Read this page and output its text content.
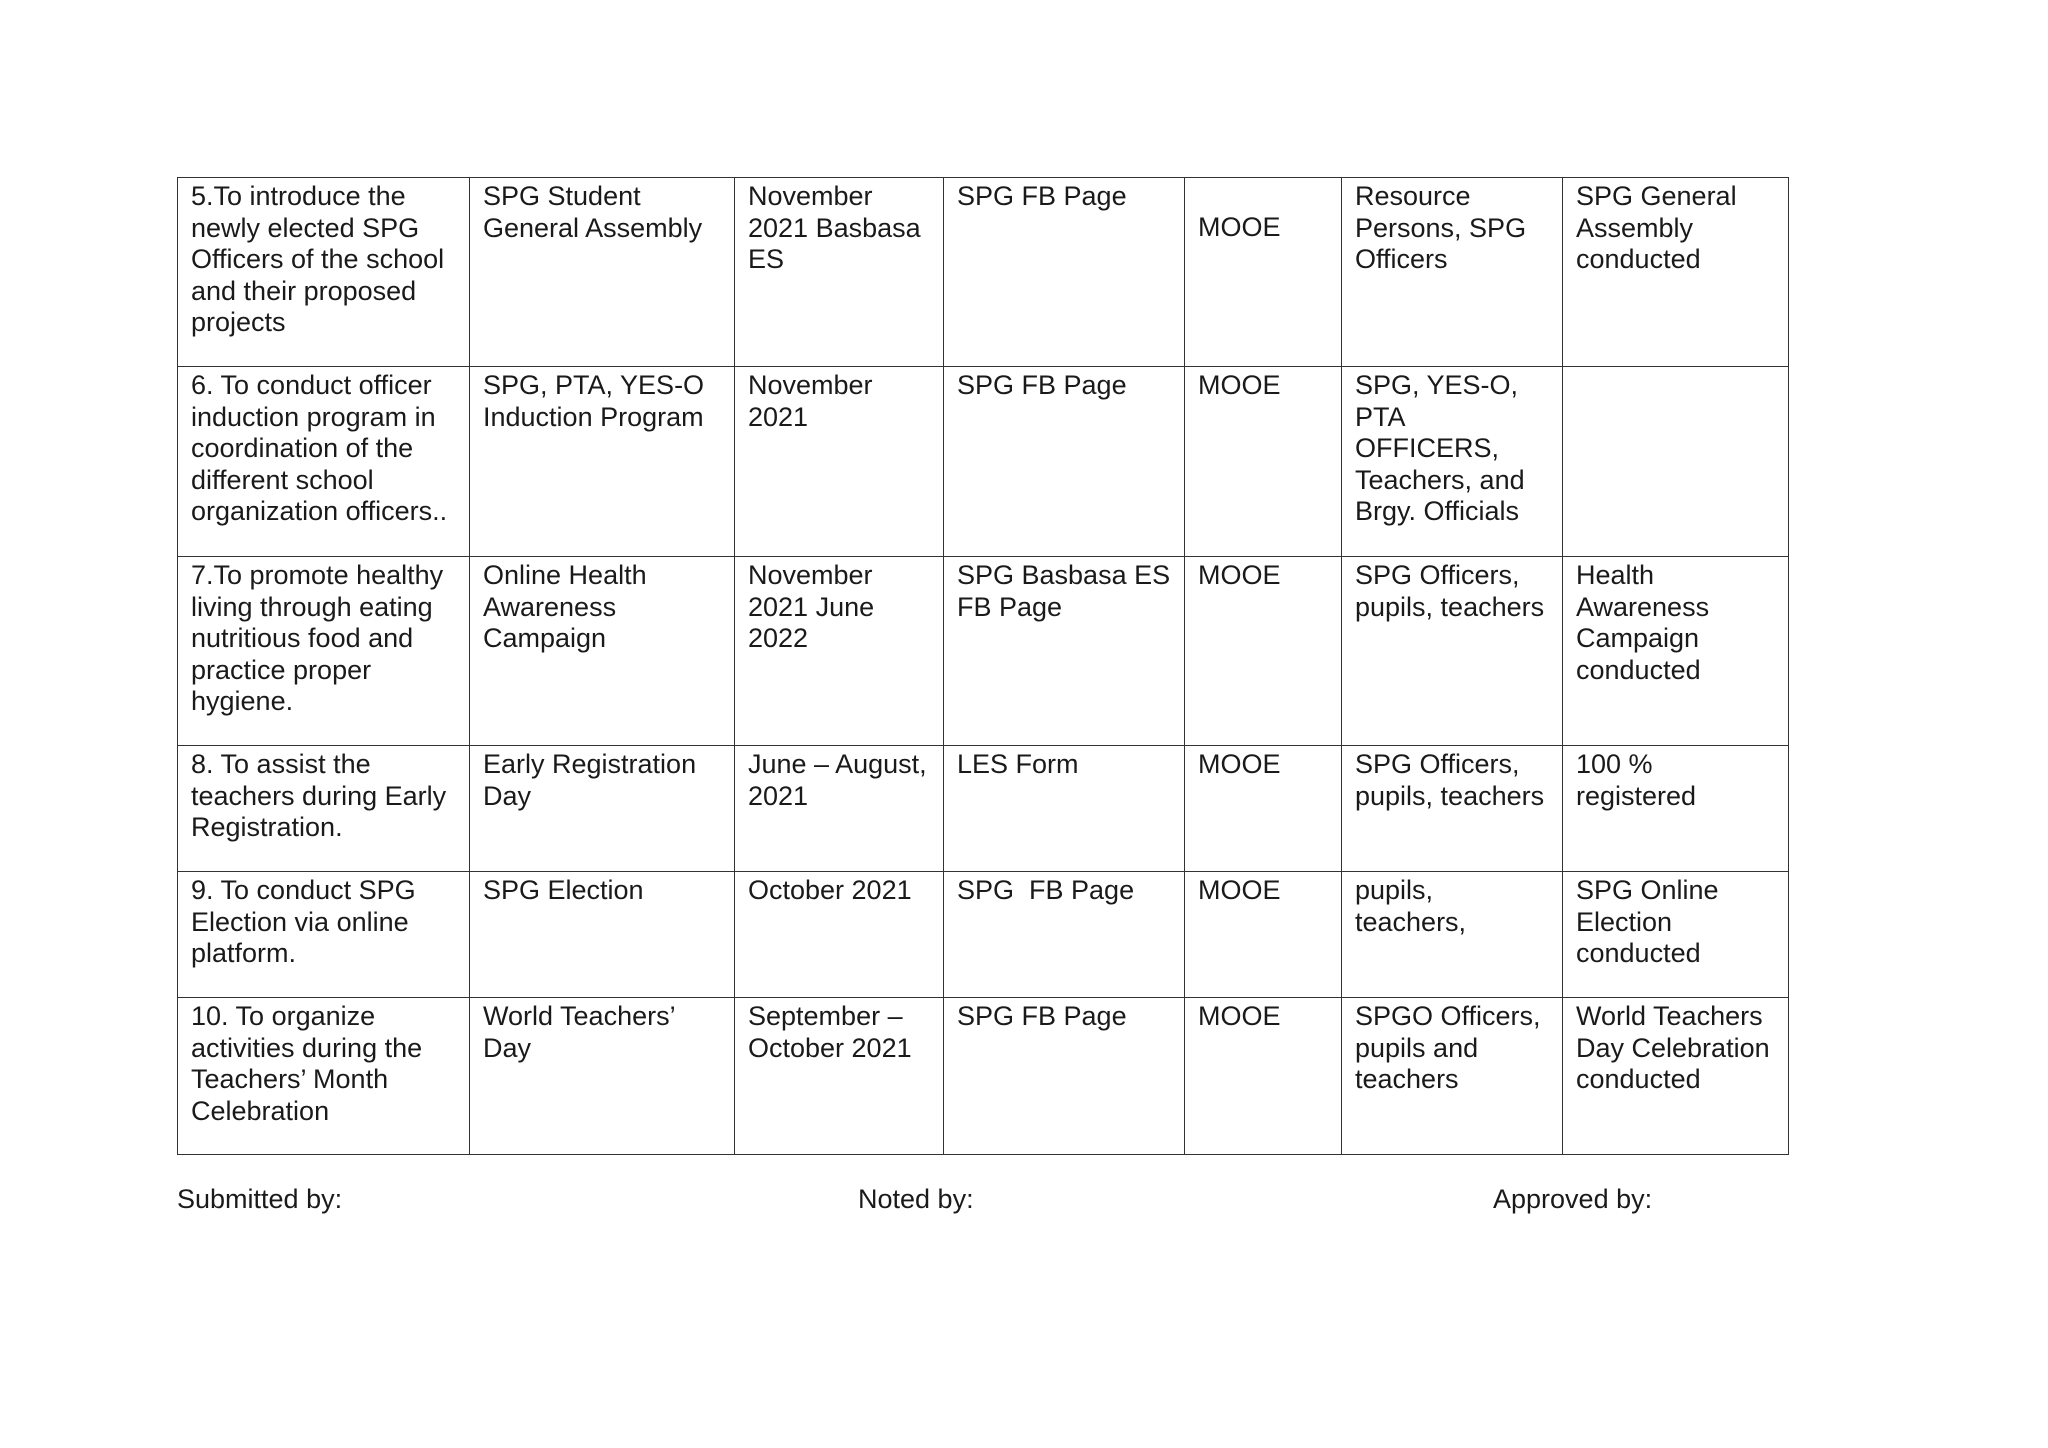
5.To introduce the newly elected SPG Officers of the school and their proposed projects	SPG Student General Assembly	November 2021 Basbasa ES	SPG FB Page	MOOE	Resource Persons, SPG Officers	SPG General Assembly conducted
6. To conduct officer induction program in coordination of the different school organization officers..	SPG, PTA, YES-O Induction Program	November 2021	SPG FB Page	MOOE	SPG, YES-O, PTA OFFICERS, Teachers, and Brgy. Officials	
7.To promote healthy living through eating nutritious food and practice proper hygiene.	Online Health Awareness Campaign	November 2021 June 2022	SPG Basbasa ES FB Page	MOOE	SPG Officers, pupils, teachers	Health Awareness Campaign conducted
8. To assist the teachers during Early Registration.	Early Registration Day	June – August, 2021	LES Form	MOOE	SPG Officers, pupils, teachers	100 % registered
9. To conduct SPG Election via online platform.	SPG Election	October 2021	SPG  FB Page	MOOE	pupils, teachers,	SPG Online Election conducted
10. To organize activities during the Teachers’ Month Celebration	World Teachers’ Day	September – October 2021	SPG FB Page	MOOE	SPGO Officers, pupils and teachers	World Teachers Day Celebration conducted
Submitted by:	Noted by:	Approved by:
